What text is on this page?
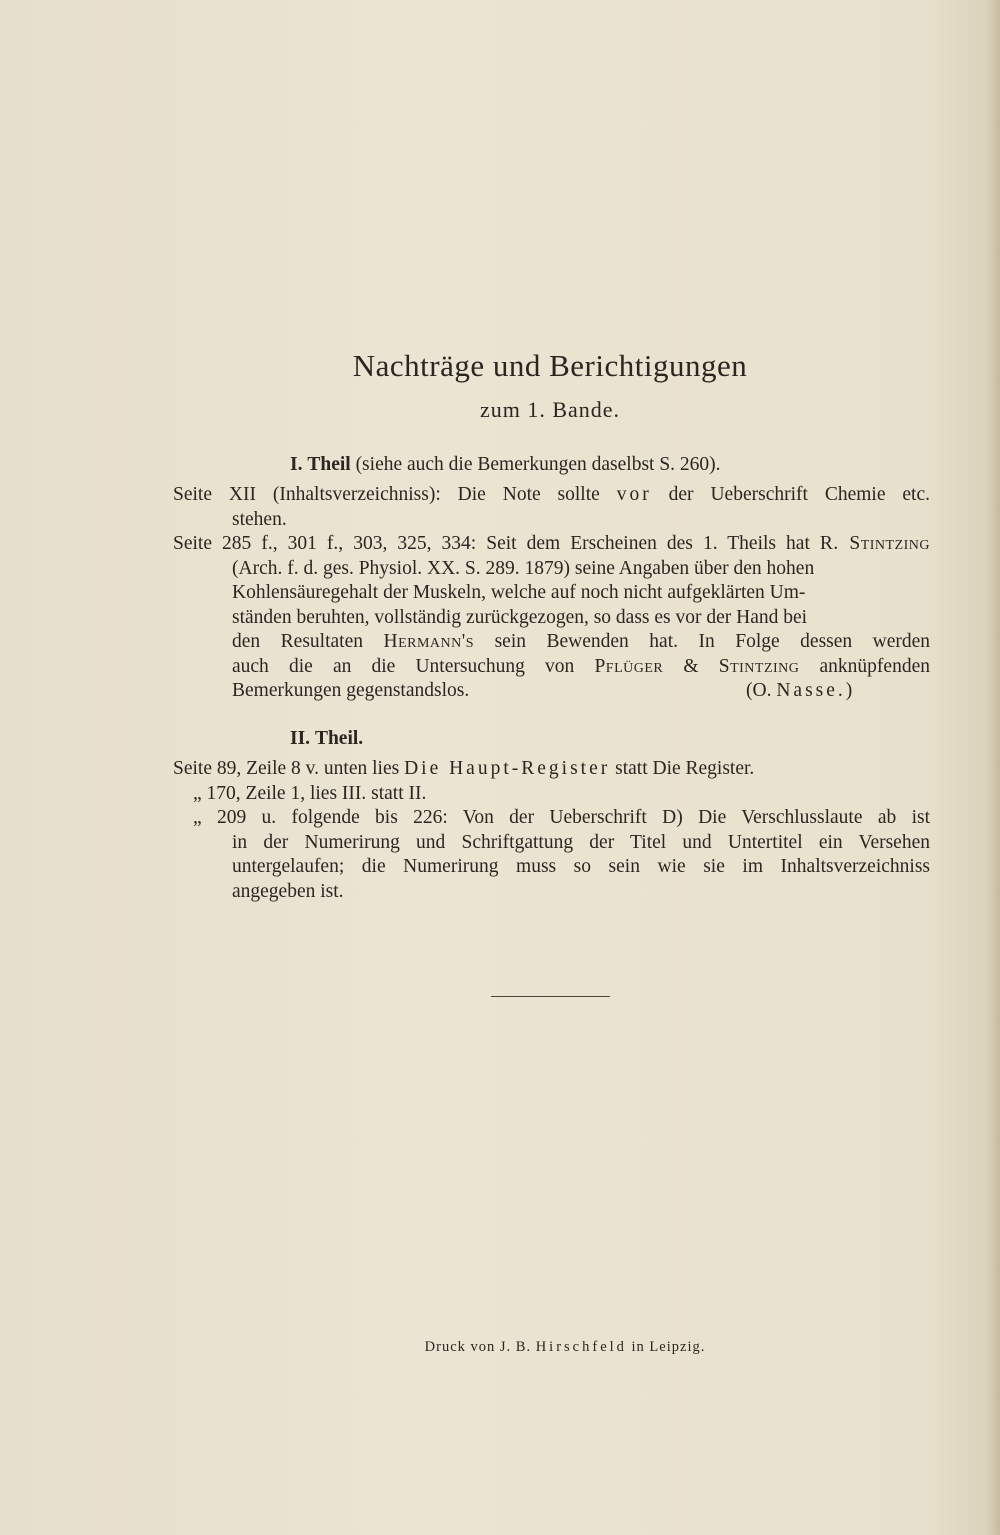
Nachträge und Berichtigungen
zum 1. Bande.
I. Theil (siehe auch die Bemerkungen daselbst S. 260).
Seite XII (Inhaltsverzeichniss): Die Note sollte vor der Ueberschrift Chemie etc.
stehen.
Seite 285 f., 301 f., 303, 325, 334: Seit dem Erscheinen des 1. Theils hat R. Stintzing
(Arch. f. d. ges. Physiol. XX. S. 289. 1879) seine Angaben über den hohen
Kohlensäuregehalt der Muskeln, welche auf noch nicht aufgeklärten Um-
ständen beruhten, vollständig zurückgezogen, so dass es vor der Hand bei
den Resultaten Hermann's sein Bewenden hat. In Folge dessen werden
auch die an die Untersuchung von Pflüger & Stintzing anknüpfenden
Bemerkungen gegenstandslos.	(O. Nasse.)
II. Theil.
Seite 89, Zeile 8 v. unten lies Die Haupt-Register statt Die Register.
„ 170, Zeile 1, lies III. statt II.
„ 209 u. folgende bis 226: Von der Ueberschrift D) Die Verschlusslaute ab ist
in der Numerirung und Schriftgattung der Titel und Untertitel ein Versehen
untergelaufen; die Numerirung muss so sein wie sie im Inhaltsverzeichniss
angegeben ist.
Druck von J. B. Hirschfeld in Leipzig.
